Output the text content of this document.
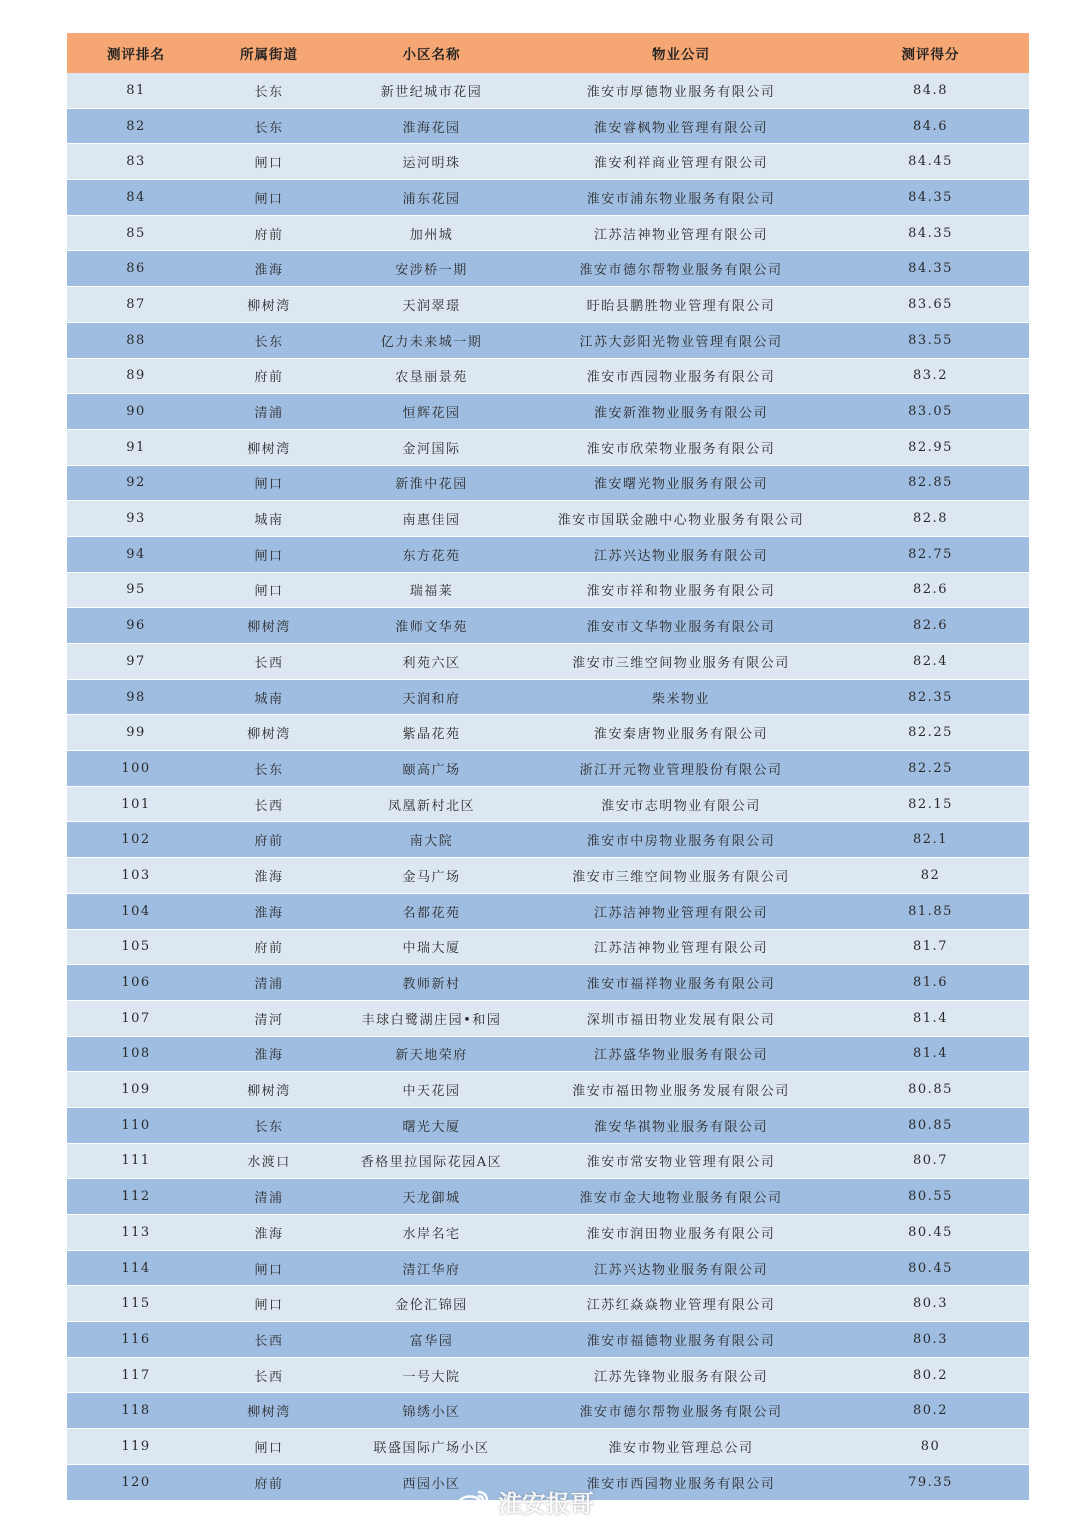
测评排名	所属街道	小区名称	物业公司	测评得分
81	长东	新世纪城市花园	淮安市厚德物业服务有限公司	84.8
82	长东	淮海花园	淮安睿枫物业管理有限公司	84.6
83	闸口	运河明珠	淮安利祥商业管理有限公司	84.45
84	闸口	浦东花园	淮安市浦东物业服务有限公司	84.35
85	府前	加州城	江苏洁神物业管理有限公司	84.35
86	淮海	安涉桥一期	淮安市德尔帮物业服务有限公司	84.35
87	柳树湾	天润翠璟	盱眙县鹏胜物业管理有限公司	83.65
88	长东	亿力未来城一期	江苏大彭阳光物业管理有限公司	83.55
89	府前	农垦丽景苑	淮安市西园物业服务有限公司	83.2
90	清浦	恒辉花园	淮安新淮物业服务有限公司	83.05
91	柳树湾	金河国际	淮安市欣荣物业服务有限公司	82.95
92	闸口	新淮中花园	淮安曙光物业服务有限公司	82.85
93	城南	南惠佳园	淮安市国联金融中心物业服务有限公司	82.8
94	闸口	东方花苑	江苏兴达物业服务有限公司	82.75
95	闸口	瑞福莱	淮安市祥和物业服务有限公司	82.6
96	柳树湾	淮师文华苑	淮安市文华物业服务有限公司	82.6
97	长西	利苑六区	淮安市三维空间物业服务有限公司	82.4
98	城南	天润和府	柴米物业	82.35
99	柳树湾	紫晶花苑	淮安秦唐物业服务有限公司	82.25
100	长东	颐高广场	浙江开元物业管理股份有限公司	82.25
101	长西	凤凰新村北区	淮安市志明物业有限公司	82.15
102	府前	南大院	淮安市中房物业服务有限公司	82.1
103	淮海	金马广场	淮安市三维空间物业服务有限公司	82
104	淮海	名都花苑	江苏洁神物业管理有限公司	81.85
105	府前	中瑞大厦	江苏洁神物业管理有限公司	81.7
106	清浦	教师新村	淮安市福祥物业服务有限公司	81.6
107	清河	丰球白鹭湖庄园•和园	深圳市福田物业发展有限公司	81.4
108	淮海	新天地荣府	江苏盛华物业服务有限公司	81.4
109	柳树湾	中天花园	淮安市福田物业服务发展有限公司	80.85
110	长东	曙光大厦	淮安华祺物业服务有限公司	80.85
111	水渡口	香格里拉国际花园A区	淮安市常安物业管理有限公司	80.7
112	清浦	天龙御城	淮安市金大地物业服务有限公司	80.55
113	淮海	水岸名宅	淮安市润田物业服务有限公司	80.45
114	闸口	清江华府	江苏兴达物业服务有限公司	80.45
115	闸口	金伦汇锦园	江苏红焱焱物业管理有限公司	80.3
116	长西	富华园	淮安市福德物业服务有限公司	80.3
117	长西	一号大院	江苏先锋物业服务有限公司	80.2
118	柳树湾	锦绣小区	淮安市德尔帮物业服务有限公司	80.2
119	闸口	联盛国际广场小区	淮安市物业管理总公司	80
120	府前	西园小区	淮安市西园物业服务有限公司	79.35
淮安报哥
